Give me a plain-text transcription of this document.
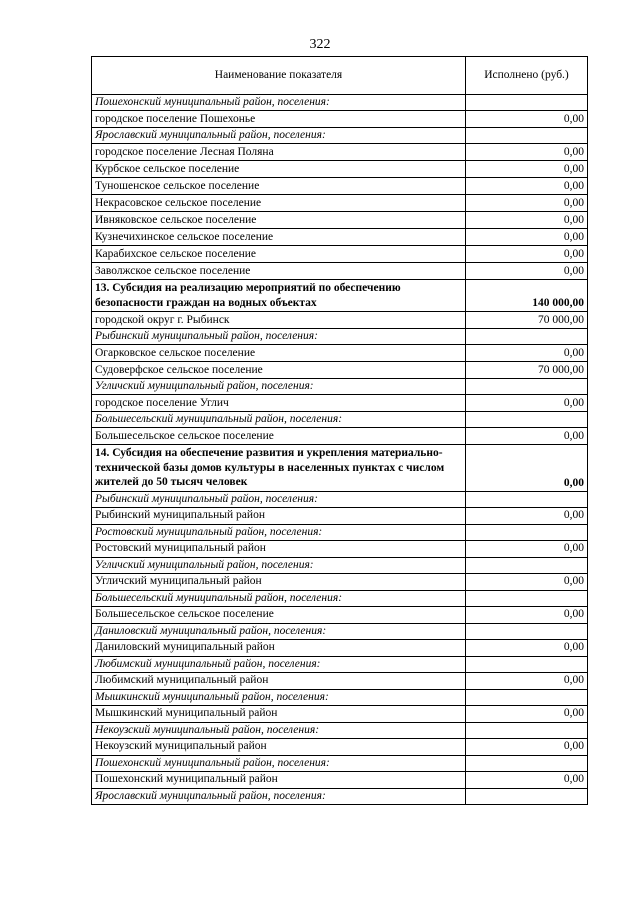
322
Наименование показателя	Исполнено (руб.)
Пошехонский муниципальный район, поселения:	
городское поселение Пошехонье	0,00
Ярославский муниципальный район, поселения:	
городское поселение Лесная Поляна	0,00
Курбское сельское поселение	0,00
Туношенское сельское поселение	0,00
Некрасовское сельское поселение	0,00
Ивняковское сельское поселение	0,00
Кузнечихинское сельское поселение	0,00
Карабихское сельское поселение	0,00
Заволжское сельское поселение	0,00
13. Субсидия на реализацию мероприятий по обеспечению безопасности граждан на водных объектах	140 000,00
городской округ г. Рыбинск	70 000,00
Рыбинский муниципальный район, поселения:	
Огарковское сельское поселение	0,00
Судоверфское сельское поселение	70 000,00
Угличский муниципальный район, поселения:	
городское поселение Углич	0,00
Большесельский муниципальный район, поселения:	
Большесельское сельское поселение	0,00
14. Субсидия на обеспечение развития и укрепления материально-технической базы домов культуры в населенных пунктах с числом жителей до 50 тысяч человек	0,00
Рыбинский муниципальный район, поселения:	
Рыбинский муниципальный район	0,00
Ростовский муниципальный район, поселения:	
Ростовский муниципальный район	0,00
Угличский муниципальный район, поселения:	
Угличский муниципальный район	0,00
Большесельский муниципальный район, поселения:	
Большесельское сельское поселение	0,00
Даниловский муниципальный район, поселения:	
Даниловский муниципальный район	0,00
Любимский муниципальный район, поселения:	
Любимский муниципальный район	0,00
Мышкинский муниципальный район, поселения:	
Мышкинский муниципальный район	0,00
Некоузский муниципальный район, поселения:	
Некоузский муниципальный район	0,00
Пошехонский муниципальный район, поселения:	
Пошехонский муниципальный район	0,00
Ярославский муниципальный район, поселения:	
